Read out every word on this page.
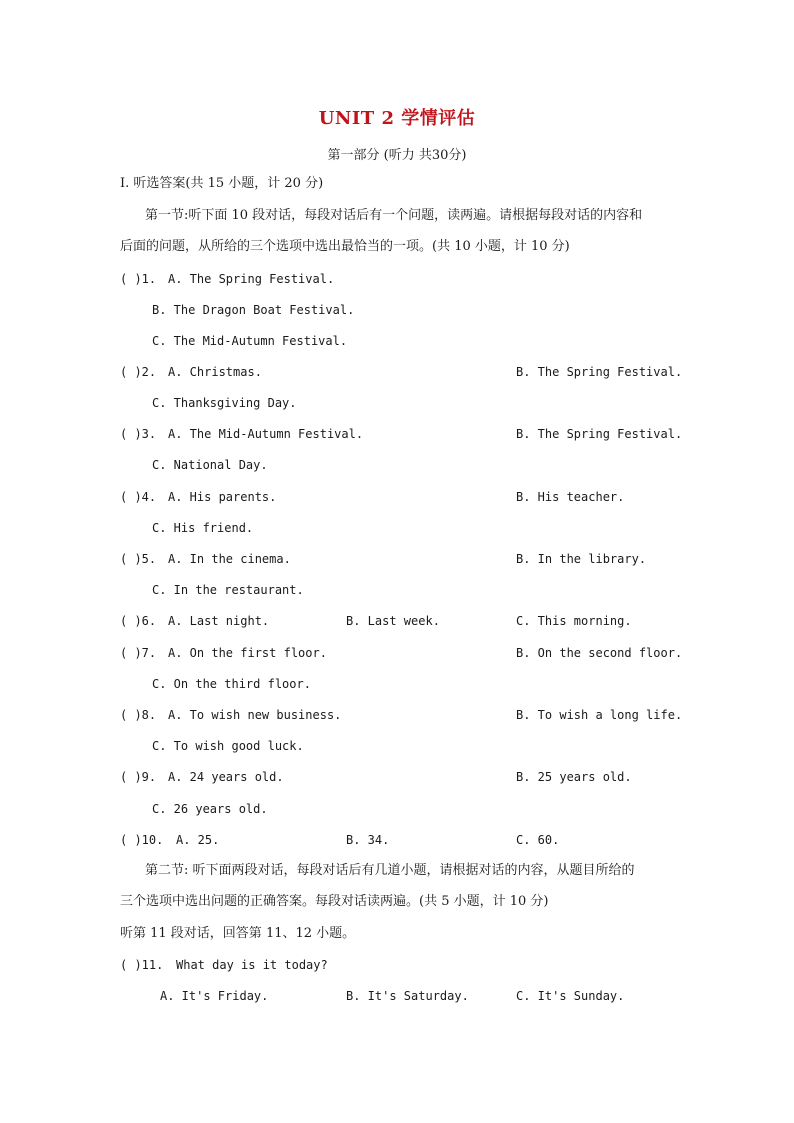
UNIT 2 学情评估
第一部分 (听力 共30分)
Ⅰ. 听选答案(共 15 小题，计 20 分)
第一节:听下面 10 段对话，每段对话后有一个问题，读两遍。请根据每段对话的内容和
后面的问题，从所给的三个选项中选出最恰当的一项。(共 10 小题，计 10 分)
( )1. A. The Spring Festival.
B. The Dragon Boat Festival.
C. The Mid-Autumn Festival.
( )2. A. Christmas.	B. The Spring Festival.
C. Thanksgiving Day.
( )3. A. The Mid-Autumn Festival.	B. The Spring Festival.
C. National Day.
( )4. A. His parents.	B. His teacher.
C. His friend.
( )5. A. In the cinema.	B. In the library.
C. In the restaurant.
( )6. A. Last night.	B. Last week.	C. This morning.
( )7. A. On the first floor.	B. On the second floor.
C. On the third floor.
( )8. A. To wish new business.	B. To wish a long life.
C. To wish good luck.
( )9. A. 24 years old.	B. 25 years old.
C. 26 years old.
( )10. A. 25.	B. 34.	C. 60.
第二节: 听下面两段对话，每段对话后有几道小题，请根据对话的内容，从题目所给的
三个选项中选出问题的正确答案。每段对话读两遍。(共 5 小题，计 10 分)
听第 11 段对话，回答第 11、12 小题。
( )11. What day is it today?
A. It's Friday.	B. It's Saturday.	C. It's Sunday.
